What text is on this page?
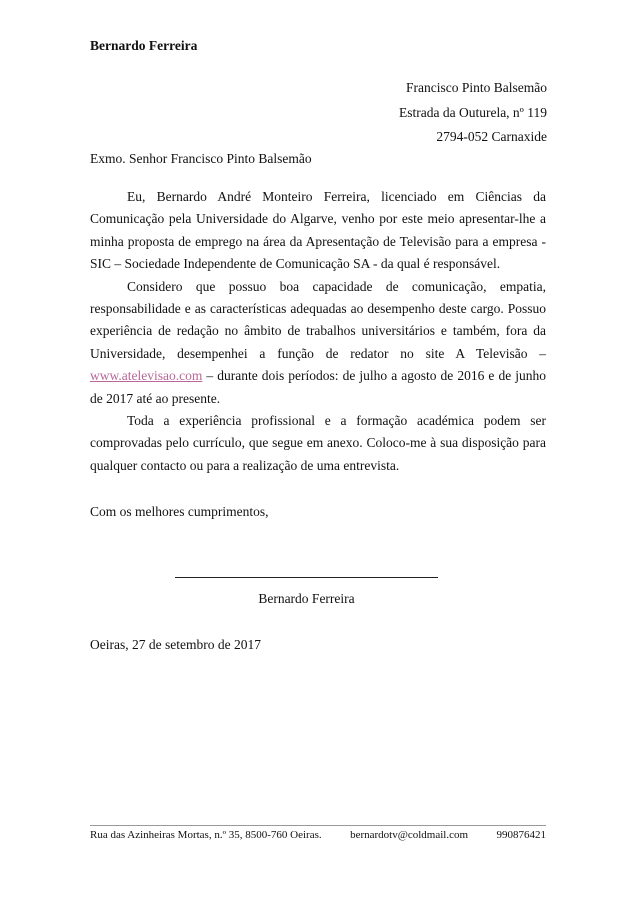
Bernardo Ferreira
Francisco Pinto Balsemão
Estrada da Outurela, nº 119
2794-052 Carnaxide
Exmo. Senhor Francisco Pinto Balsemão

Eu, Bernardo André Monteiro Ferreira, licenciado em Ciências da Comunicação pela Universidade do Algarve, venho por este meio apresentar-lhe a minha proposta de emprego na área da Apresentação de Televisão para a empresa - SIC – Sociedade Independente de Comunicação SA - da qual é responsável.

Considero que possuo boa capacidade de comunicação, empatia, responsabilidade e as características adequadas ao desempenho deste cargo. Possuo experiência de redação no âmbito de trabalhos universitários e também, fora da Universidade, desempenhei a função de redator no site A Televisão – www.atelevisao.com – durante dois períodos: de julho a agosto de 2016 e de junho de 2017 até ao presente.

Toda a experiência profissional e a formação académica podem ser comprovadas pelo currículo, que segue em anexo. Coloco-me à sua disposição para qualquer contacto ou para a realização de uma entrevista.

Com os melhores cumprimentos,
Bernardo Ferreira
Oeiras, 27 de setembro de 2017
Rua das Azinheiras Mortas, n.º 35, 8500-760 Oeiras.	bernardotv@coldmail.com	990876421
